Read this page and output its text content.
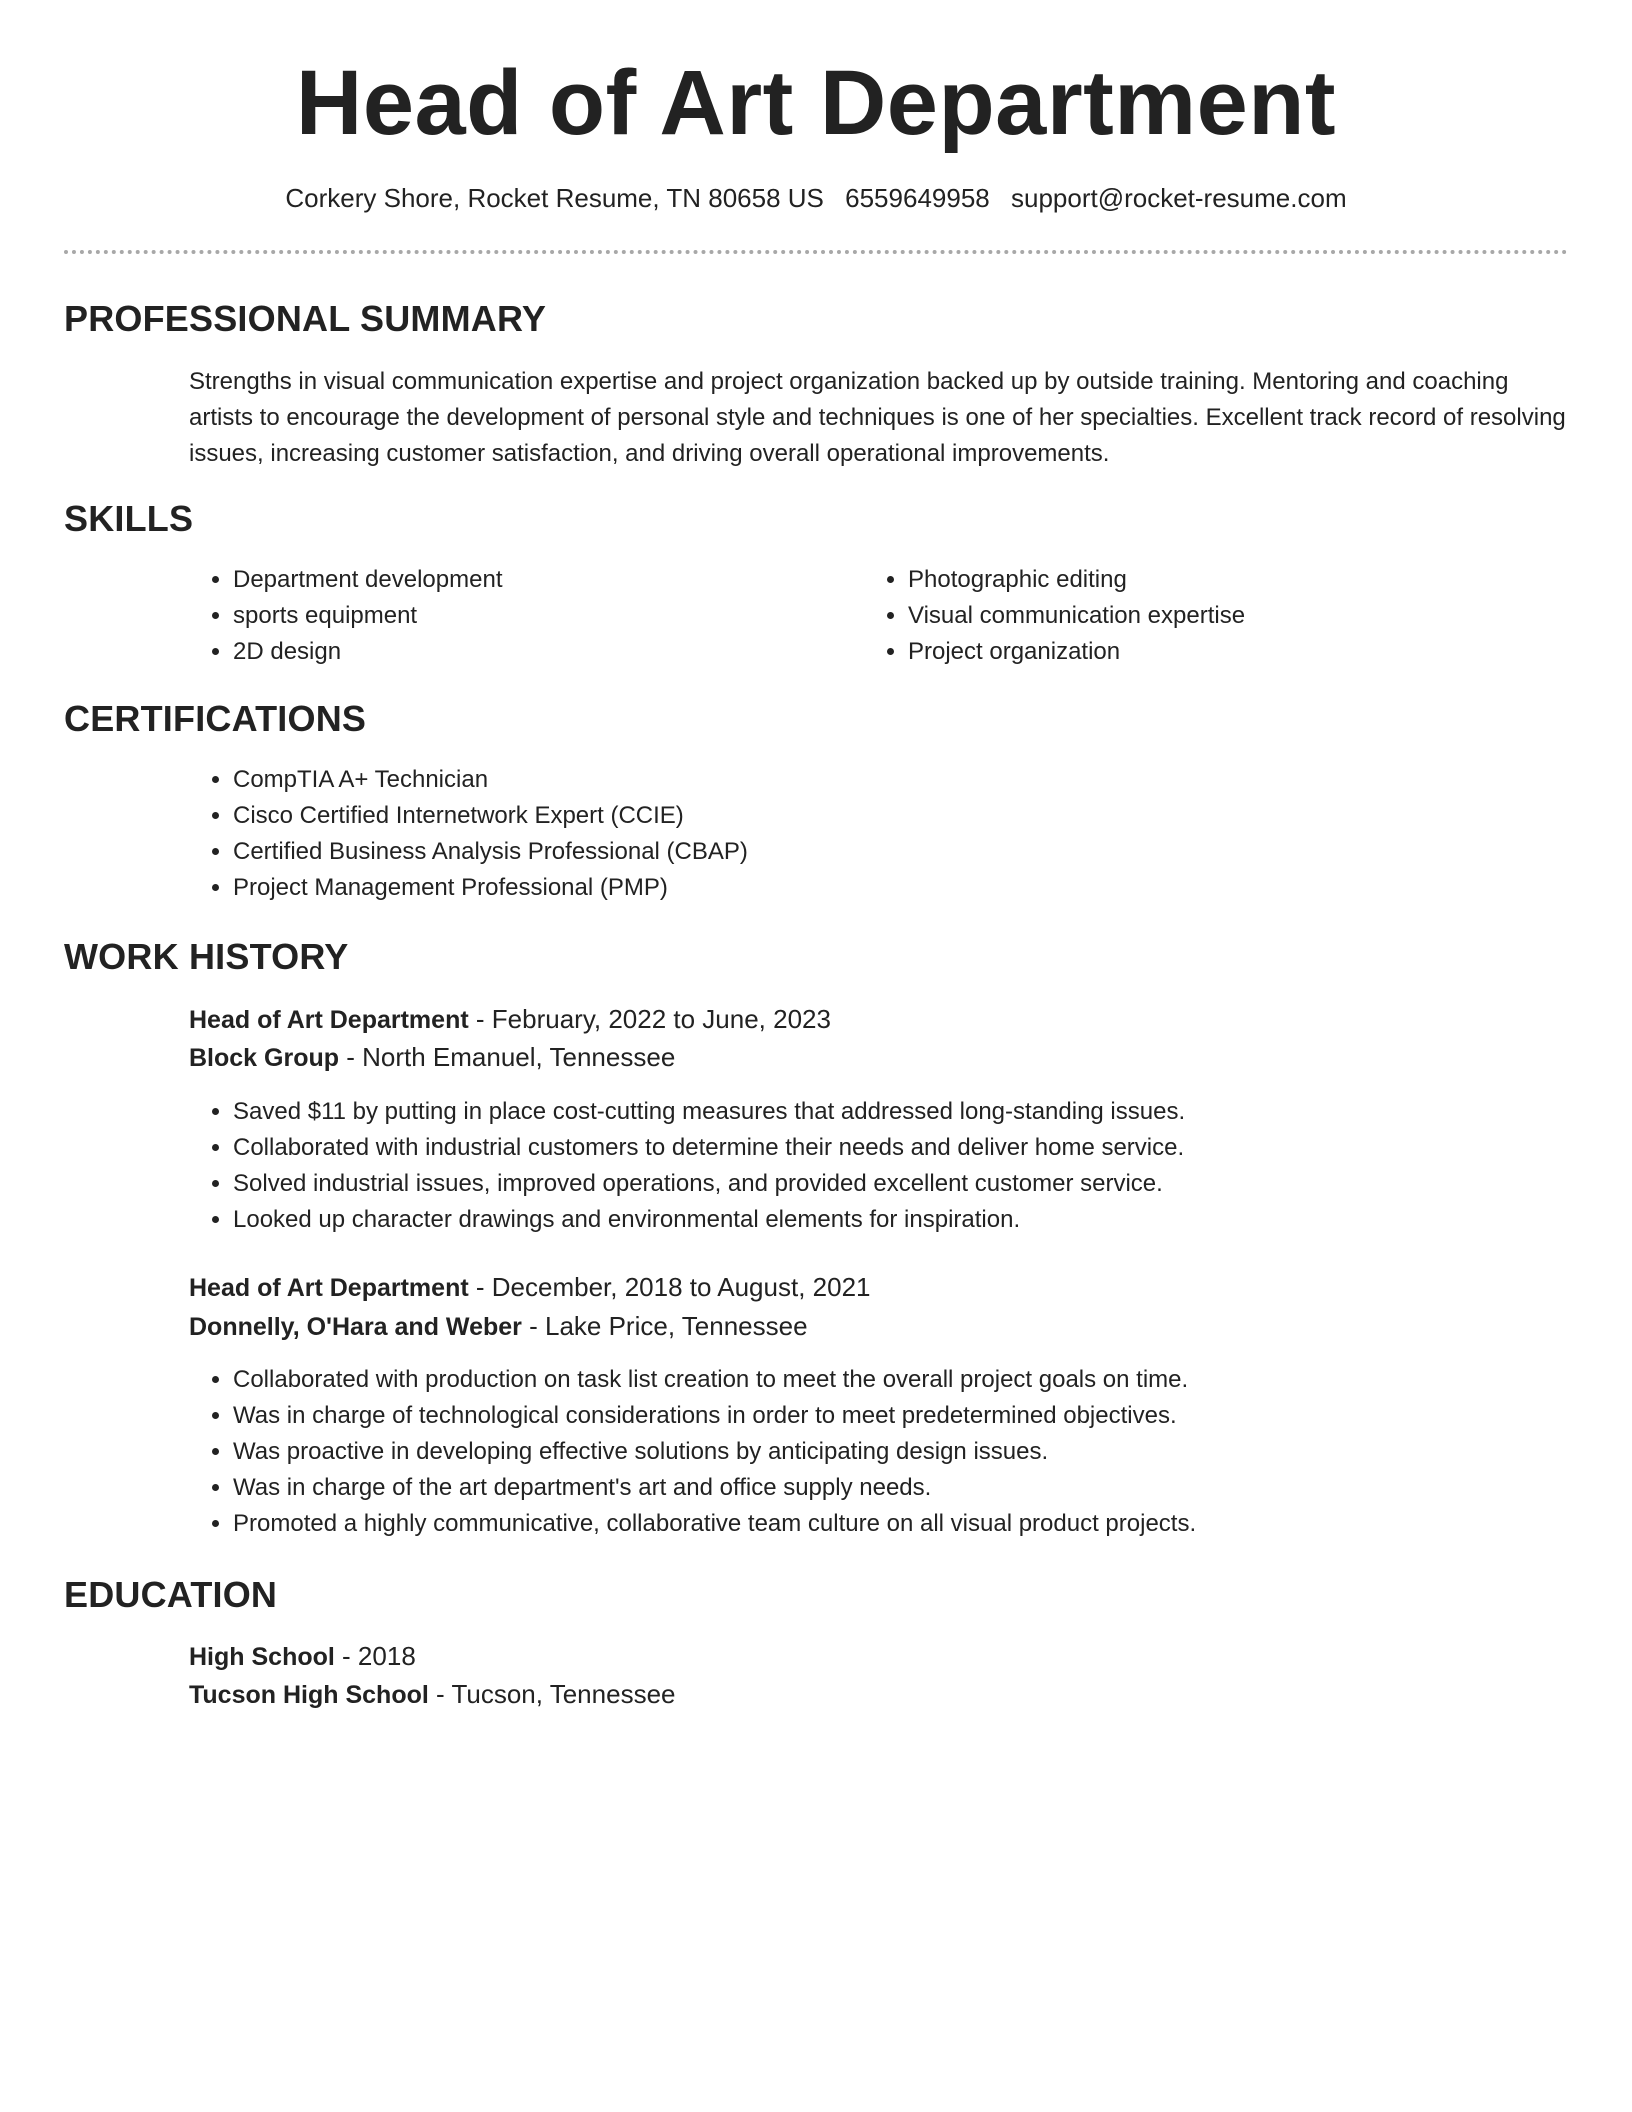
Head of Art Department
Corkery Shore, Rocket Resume, TN 80658 US 6559649958 support@rocket-resume.com
PROFESSIONAL SUMMARY

Strengths in visual communication expertise and project organization backed up by outside training. Mentoring and coaching artists to encourage the development of personal style and techniques is one of her specialties. Excellent track record of resolving issues, increasing customer satisfaction, and driving overall operational improvements.

SKILLS
• Department development
• sports equipment
• 2D design
• Photographic editing
• Visual communication expertise
• Project organization
CERTIFICATIONS
• CompTIA A+ Technician
• Cisco Certified Internetwork Expert (CCIE)
• Certified Business Analysis Professional (CBAP)
• Project Management Professional (PMP)
WORK HISTORY
Head of Art Department - February, 2022 to June, 2023
Block Group - North Emanuel, Tennessee
• Saved $11 by putting in place cost-cutting measures that addressed long-standing issues.
• Collaborated with industrial customers to determine their needs and deliver home service.
• Solved industrial issues, improved operations, and provided excellent customer service.
• Looked up character drawings and environmental elements for inspiration.
Head of Art Department - December, 2018 to August, 2021
Donnelly, O'Hara and Weber - Lake Price, Tennessee
• Collaborated with production on task list creation to meet the overall project goals on time.
• Was in charge of technological considerations in order to meet predetermined objectives.
• Was proactive in developing effective solutions by anticipating design issues.
• Was in charge of the art department's art and office supply needs.
• Promoted a highly communicative, collaborative team culture on all visual product projects.
EDUCATION
High School - 2018
Tucson High School - Tucson, Tennessee
